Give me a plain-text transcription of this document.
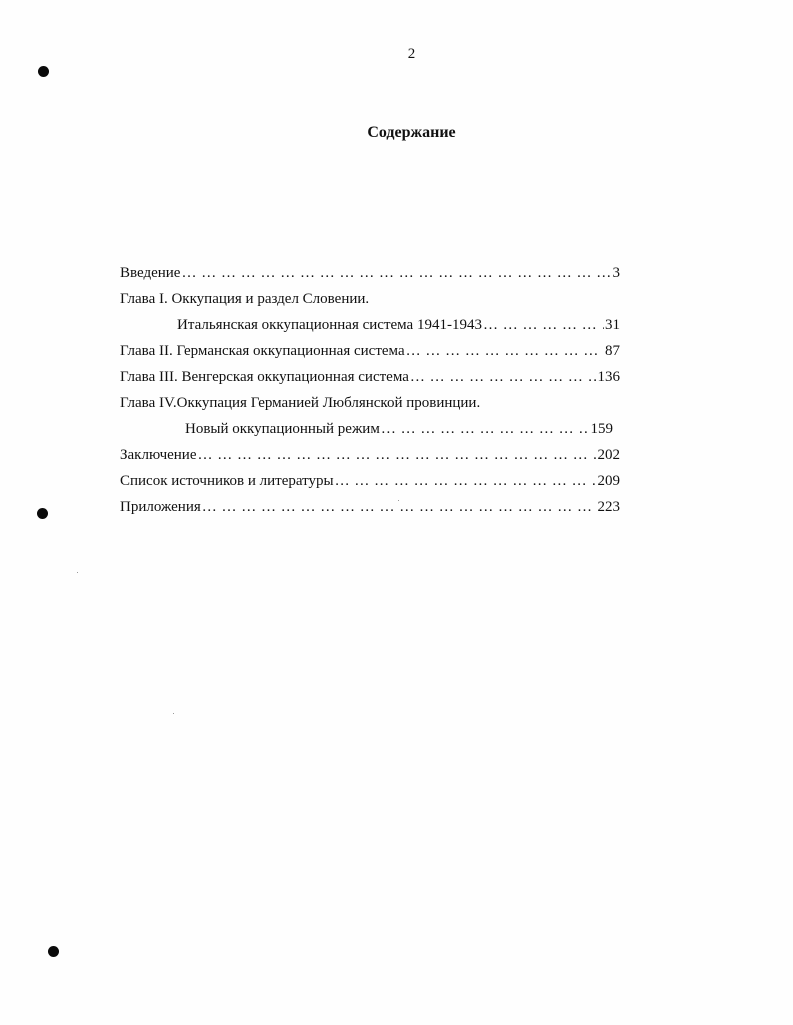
2
Содержание
Введение … … … … … … … … … … … … … … … … … … … … … … … … … … … … … … … … … … … … … … … … … … … … … … … …	3
Глава I. Оккупация и раздел Словении.
Итальянская оккупационная система 1941-1943 … … … … … … … … … … … … … … … … … … … … … … … … … … … … … … … … … … … … … … … … … … … … … … … …	31
Глава II. Германская оккупационная система … … … … … … … … … … … … … … … … … … … … … … … … … … … … … … … … … … … … … … … … … … … … … … … …	87
Глава III. Венгерская оккупационная система … … … … … … … … … … … … … … … … … … … … … … … … … … … … … … … … … … … … … … … … … … … … … … … …	136
Глава IV.Оккупация Германией Люблянской провинции.
Новый оккупационный режим … … … … … … … … … … … … … … … … … … … … … … … … … … … … … … … … … … … … … … … … … … … … … … … …	159
Заключение … … … … … … … … … … … … … … … … … … … … … … … … … … … … … … … … … … … … … … … … … … … … … … … …	202
Список источников и литературы … … … … … … … … … … … … … … … … … … … … … … … … … … … … … … … … … … … … … … … … … … … … … … … …	209
Приложения … … … … … … … … … … … … … … … … … … … … … … … … … … … … … … … … … … … … … … … … … … … … … … … …	223
